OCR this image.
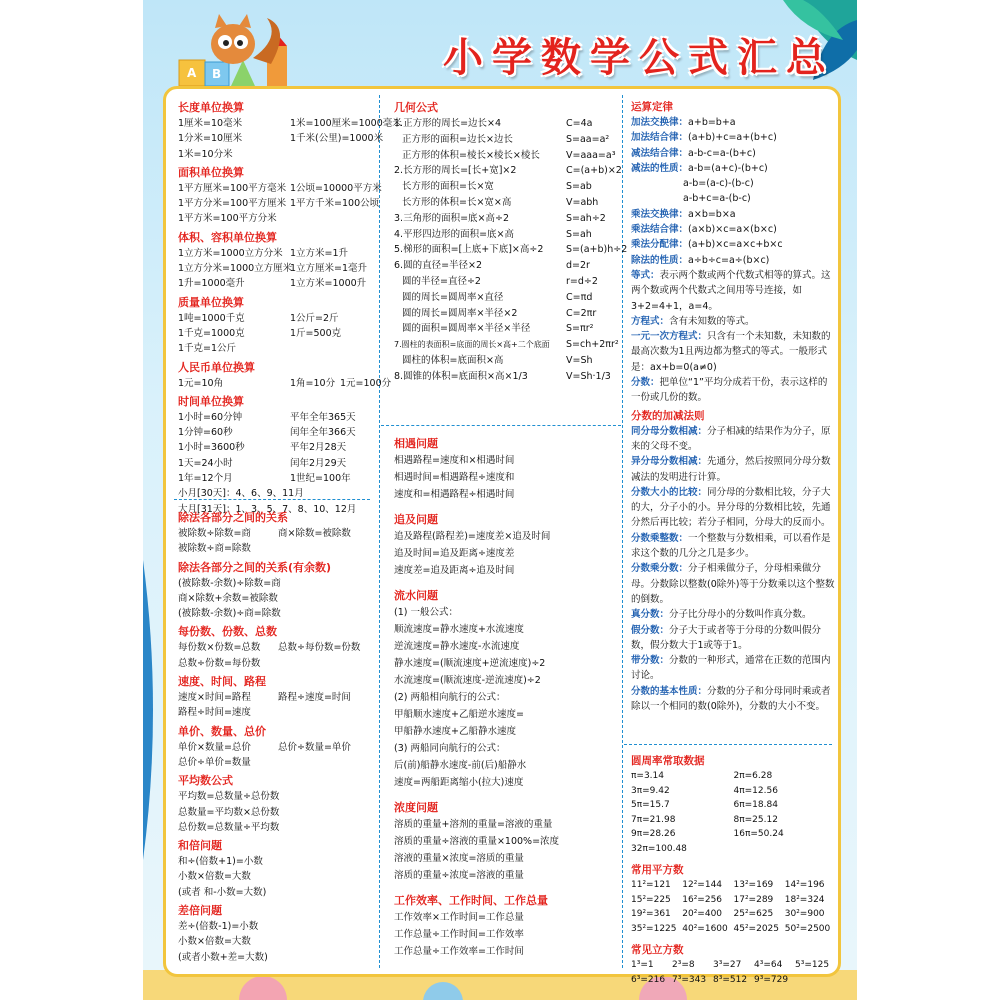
A B	小学数学公式汇总
长度单位换算
1厘米=10毫米	1米=100厘米=1000毫米
1分米=10厘米	1千米(公里)=1000米
1米=10分米
面积单位换算
1平方厘米=100平方毫米 1公顷=10000平方米
1平方分米=100平方厘米 1平方千米=100公顷
1平方米=100平方分米
体积、容积单位换算
1立方米=1000立方分米 1立方米=1升
1立方分米=1000立方厘米1立方厘米=1毫升
1升=1000毫升	1立方米=1000升
质量单位换算
1吨=1000千克	1公斤=2斤
1千克=1000克	1斤=500克
1千克=1公斤
人民币单位换算
1元=10角	1角=10分 1元=100分
时间单位换算
1小时=60分钟	平年全年365天
1分钟=60秒	闰年全年366天
1小时=3600秒	平年2月28天
1天=24小时	闰年2月29天
1年=12个月	1世纪=100年
小月[30天]：4、6、9、11月
大月[31天]：1、3、5、7、8、10、12月
除法各部分之间的关系
被除数÷除数=商	商×除数=被除数
被除数÷商=除数
除法各部分之间的关系(有余数)
(被除数-余数)÷除数=商
商×除数+余数=被除数
(被除数-余数)÷商=除数
每份数、份数、总数
每份数×份数=总数 总数÷每份数=份数
总数÷份数=每份数
速度、时间、路程
速度×时间=路程	路程÷速度=时间
路程÷时间=速度
单价、数量、总价
单价×数量=总价	总价÷数量=单价
总价÷单价=数量
平均数公式
平均数=总数量÷总份数
总数量=平均数×总份数
总份数=总数量÷平均数
和倍问题
和÷(倍数+1)=小数
小数×倍数=大数
(或者 和-小数=大数)
差倍问题
差÷(倍数-1)=小数
小数×倍数=大数
(或者小数+差=大数)
几何公式
1.正方形的周长=边长×4	C=4a
正方形的面积=边长×边长	S=aa=a²
正方形的体积=棱长×棱长×棱长	V=aaa=a³
2.长方形的周长=[长+宽]×2	C=(a+b)×2
长方形的面积=长×宽	S=ab
长方形的体积=长×宽×高	V=abh
3.三角形的面积=底×高÷2	S=ah÷2
4.平形四边形的面积=底×高	S=ah
5.梯形的面积=[上底+下底]×高÷2	S=(a+b)h÷2
6.圆的直径=半径×2	d=2r
圆的半径=直径÷2	r=d÷2
圆的周长=圆周率×直径	C=πd
圆的周长=圆周率×半径×2	C=2πr
圆的面积=圆周率×半径×半径	S=πr²
7.圆柱的表面积=底面的周长×高+二个底面	S=ch+2πr²
圆柱的体积=底面积×高	V=Sh
8.圆锥的体积=底面积×高×1/3	V=Sh·1/3
相遇问题
相遇路程=速度和×相遇时间
相遇时间=相遇路程÷速度和
速度和=相遇路程÷相遇时间
追及问题
追及路程(路程差)=速度差×追及时间
追及时间=追及距离÷速度差
速度差=追及距离÷追及时间
流水问题
(1) 一般公式：
顺流速度=静水速度+水流速度
逆流速度=静水速度-水流速度
静水速度=(顺流速度+逆流速度)÷2
水流速度=(顺流速度-逆流速度)÷2
(2) 两船相向航行的公式：
甲船顺水速度+乙船逆水速度=
甲船静水速度+乙船静水速度
(3) 两船同向航行的公式：
后(前)船静水速度-前(后)船静水
速度=两船距离缩小(拉大)速度
浓度问题
溶质的重量+溶剂的重量=溶液的重量
溶质的重量÷溶液的重量×100%=浓度
溶液的重量×浓度=溶质的重量
溶质的重量÷浓度=溶液的重量
工作效率、工作时间、工作总量
工作效率×工作时间=工作总量
工作总量÷工作时间=工作效率
工作总量÷工作效率=工作时间
运算定律
加法交换律：a+b=b+a
加法结合律：(a+b)+c=a+(b+c)
减法结合律：a-b-c=a-(b+c)
减法的性质：a-b=(a+c)-(b+c)
a-b=(a-c)-(b-c)
a-b+c=a-(b-c)
乘法交换律：a×b=b×a
乘法结合律：(a×b)×c=a×(b×c)
乘法分配律：(a+b)×c=a×c+b×c
除法的性质：a÷b÷c=a÷(b×c)
等式：表示两个数或两个代数式相等的算式。这两个数或两个代数式之间用等号连接，如3+2=4+1，a=4。
方程式：含有未知数的等式。
一元一次方程式：只含有一个未知数，未知数的最高次数为1且两边都为整式的等式。一般形式是：ax+b=0(a≠0)
分数：把单位“1”平均分成若干份，表示这样的一份或几份的数。
分数的加减法则
同分母分数相减：分子相减的结果作为分子，原来的父母不变。
异分母分数相减：先通分，然后按照同分母分数减法的发明进行计算。
分数大小的比较：同分母的分数相比较，分子大的大，分子小的小。异分母的分数相比较，先通分然后再比较；若分子相同，分母大的反而小。
分数乘整数：一个整数与分数相乘，可以看作是求这个数的几分之几是多少。
分数乘分数：分子相乘做分子，分母相乘做分母。分数除以整数(0除外)等于分数乘以这个整数的倒数。
真分数：分子比分母小的分数叫作真分数。
假分数：分子大于或者等于分母的分数叫假分数，假分数大于1或等于1。
带分数：分数的一种形式，通常在正数的范围内讨论。
分数的基本性质：分数的分子和分母同时乘或者除以一个相同的数(0除外)，分数的大小不变。
圆周率常取数据
π=3.14	2π=6.28
3π=9.42	4π=12.56
5π=15.7	6π=18.84
7π=21.98	8π=25.12
9π=28.26	16π=50.24
32π=100.48
常用平方数
11²=121	12²=144	13²=169	14²=196
15²=225	16²=256	17²=289	18²=324
19²=361	20²=400	25²=625	30²=900
35²=1225 40²=1600 45²=2025 50²=2500
常见立方数
1³=1	2³=8	3³=27	4³=64	5³=125
6³=216 7³=343 8³=512 9³=729
